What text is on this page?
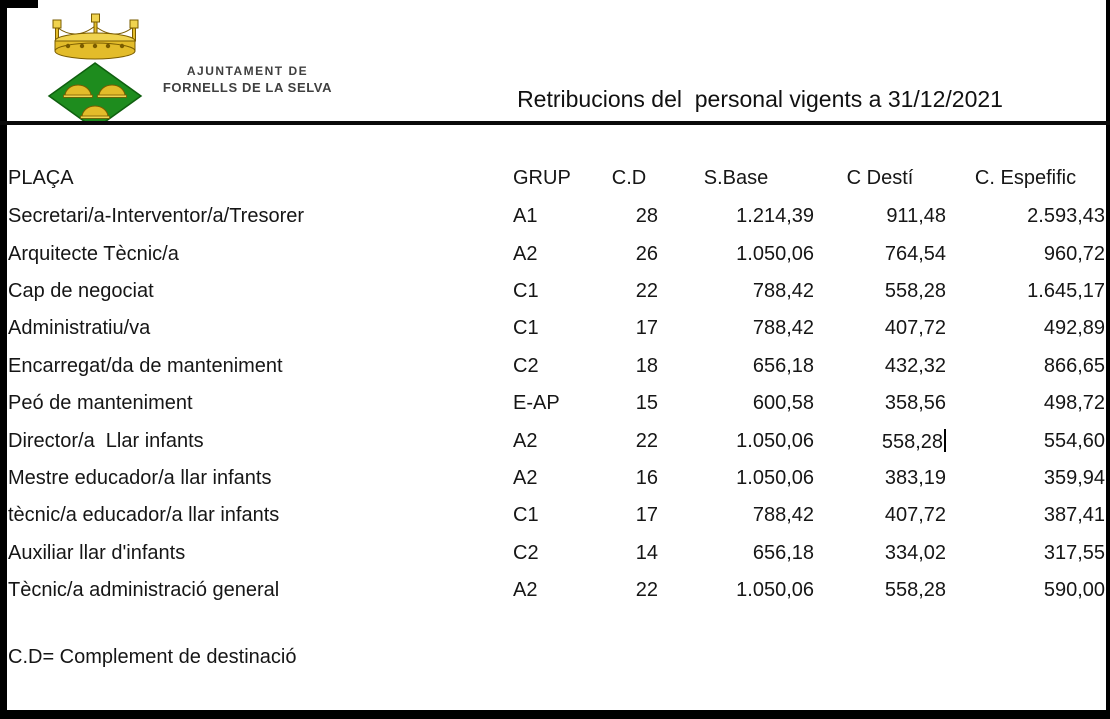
AJUNTAMENT DE
FORNELLS DE LA SELVA	Retribucions del  personal vigents a 31/12/2021
PLAÇA	GRUP	C.D	S.Base	C Destí	C. Espefific
Secretari/a-Interventor/a/Tresorer	A1	28	1.214,39	911,48	2.593,43
Arquitecte Tècnic/a	A2	26	1.050,06	764,54	960,72
Cap de negociat	C1	22	788,42	558,28	1.645,17
Administratiu/va	C1	17	788,42	407,72	492,89
Encarregat/da de manteniment	C2	18	656,18	432,32	866,65
Peó de manteniment	E-AP	15	600,58	358,56	498,72
Director/a  Llar infants	A2	22	1.050,06	558,28	554,60
Mestre educador/a llar infants	A2	16	1.050,06	383,19	359,94
tècnic/a educador/a llar infants	C1	17	788,42	407,72	387,41
Auxiliar llar d'infants	C2	14	656,18	334,02	317,55
Tècnic/a administració general	A2	22	1.050,06	558,28	590,00
C.D= Complement de destinació
